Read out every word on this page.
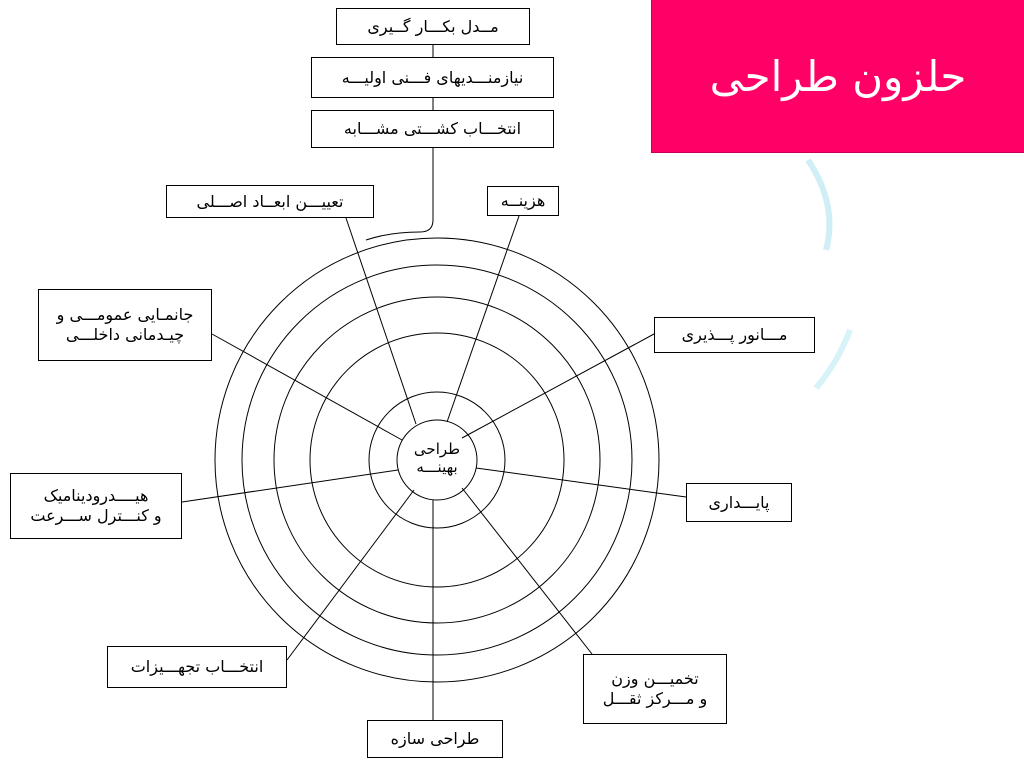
حلزون طراحی
مــدل بکـــار گــیری
نیازمنـــدیهای فـــنی اولیـــه
انتخـــاب کشـــتی مشـــابه
تعییـــن ابعــاد اصـــلی	هزینــه
مـــانور پـــذیری
پایـــداری
تخمیـــن وزن
و مـــرکز ثقـــل
طراحی سازه
انتخـــاب تجهـــیزات
هیــــدرودینامیک
و کنـــترل ســـرعت
جانمـایی عمومـــی و
چیـدمانی داخلـــی
طراحی
بهینـــه
